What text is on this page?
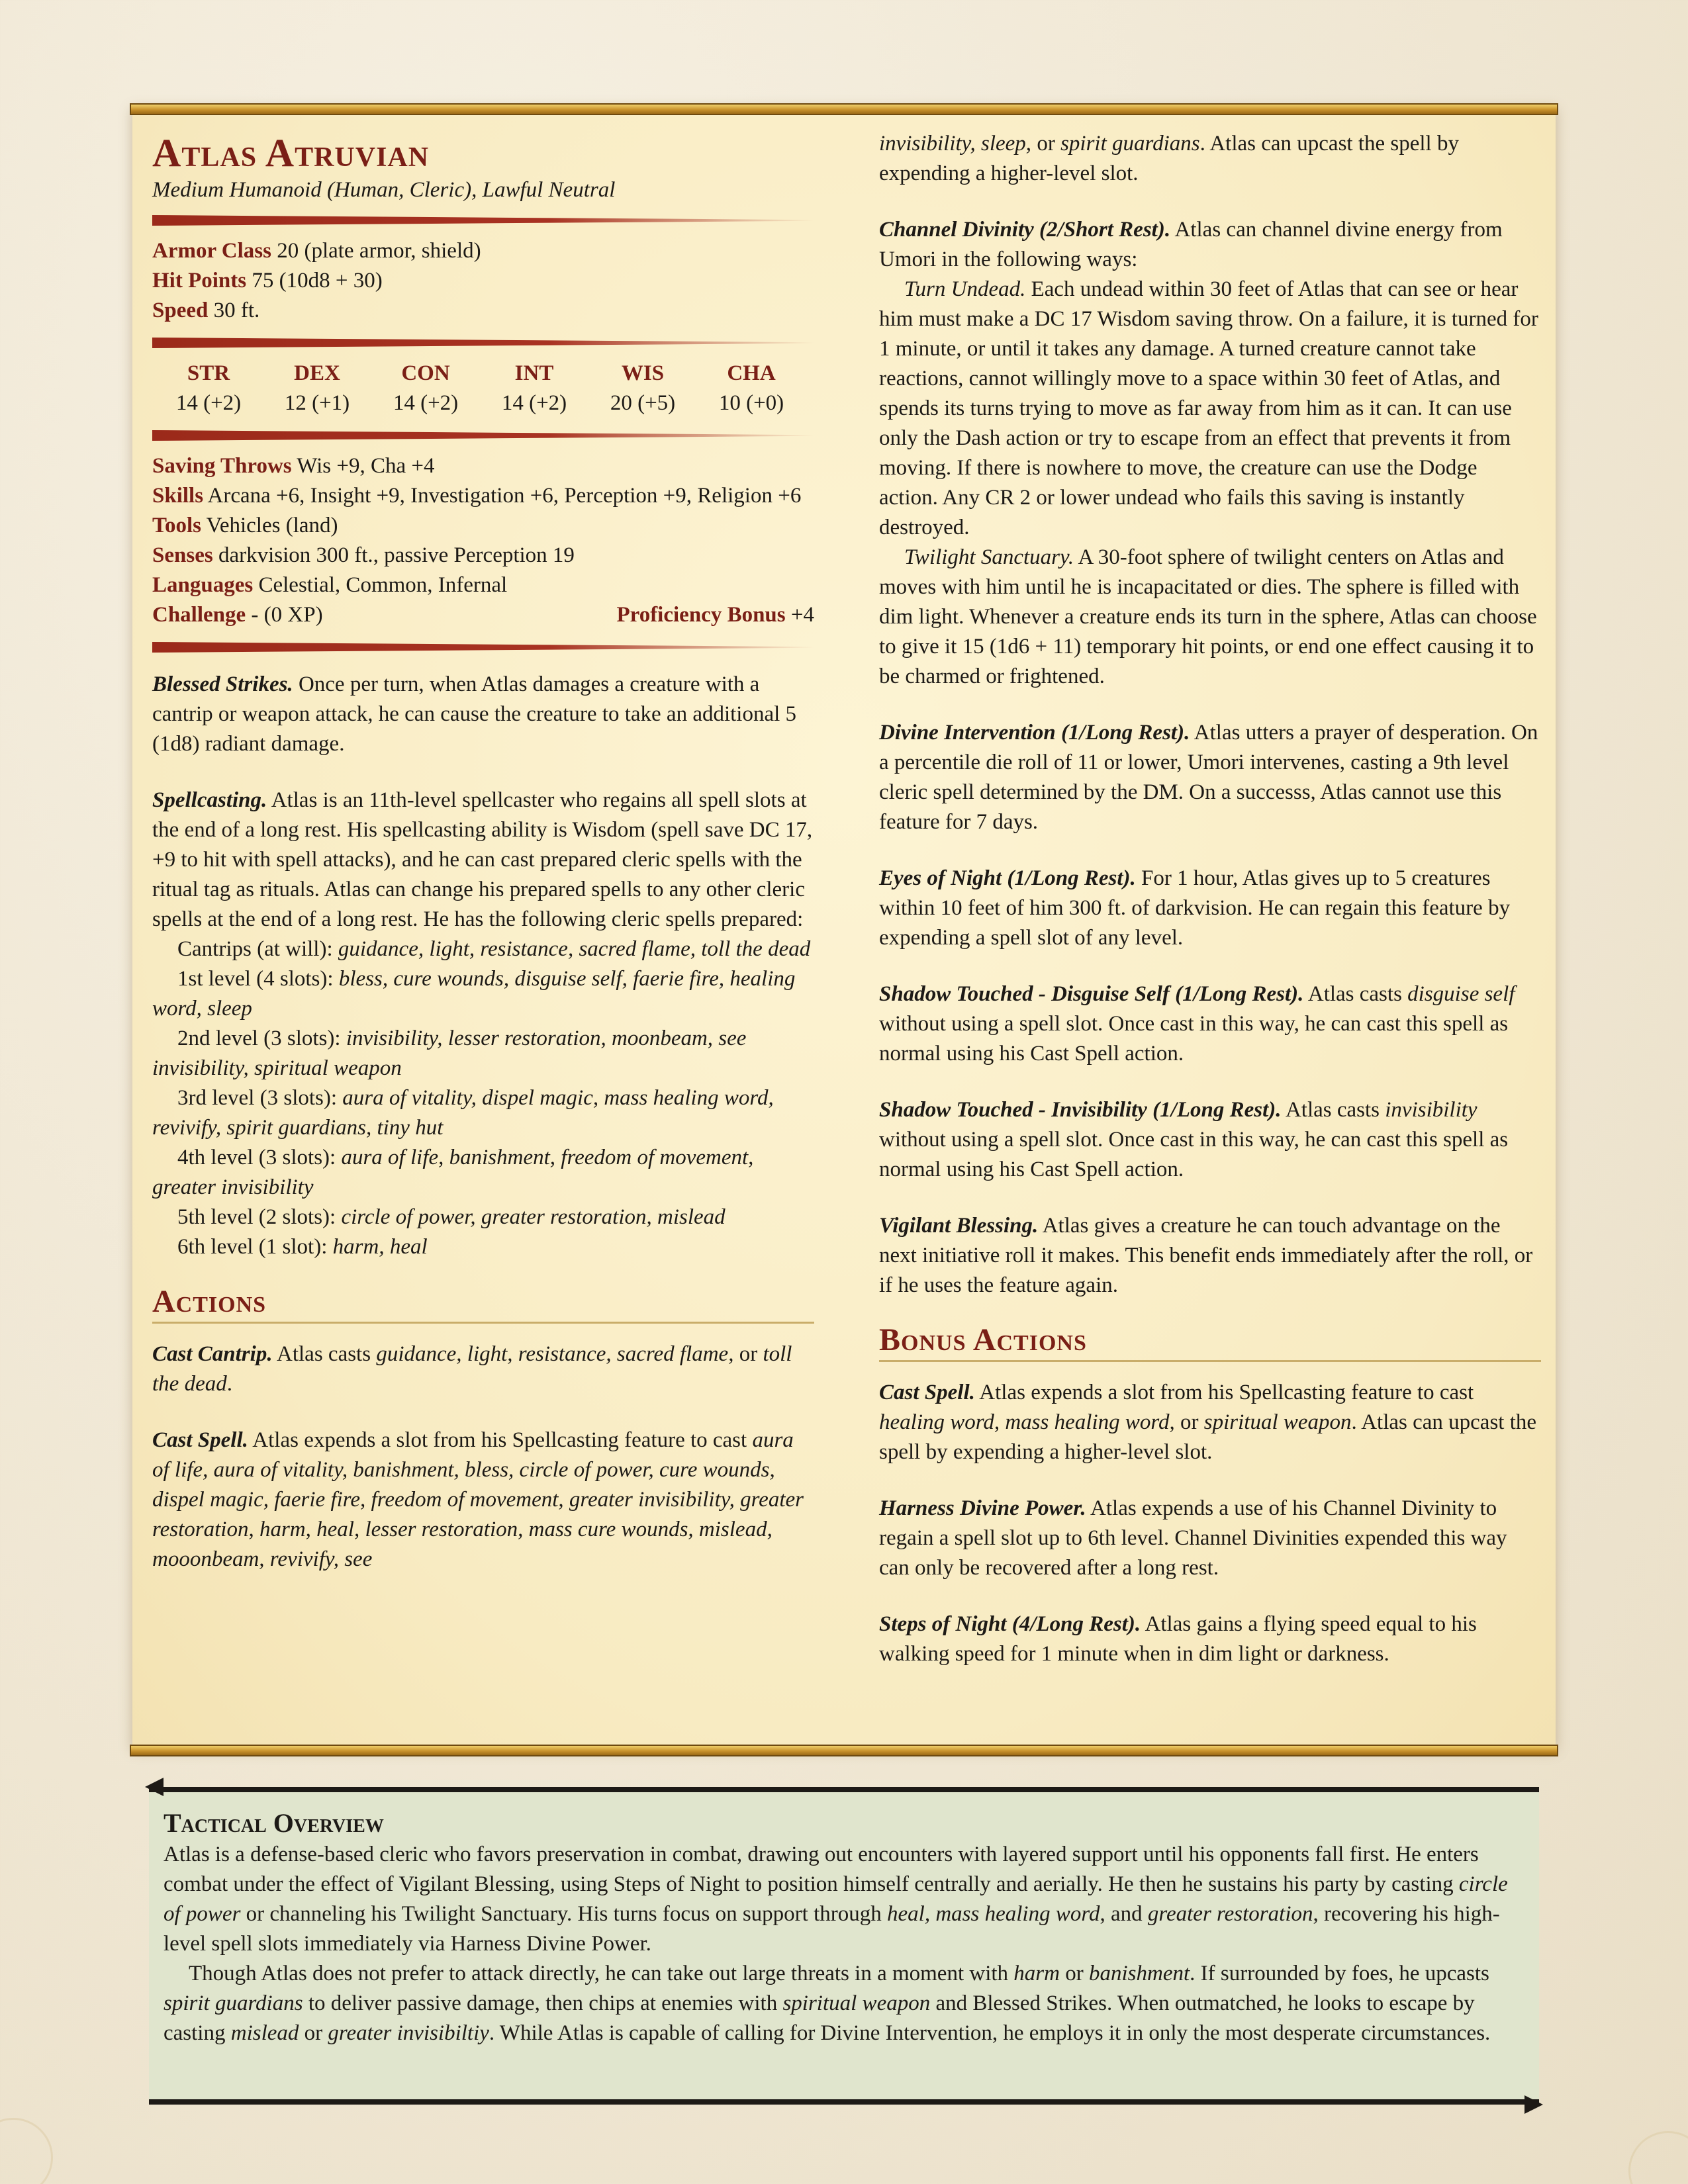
Atlas Atruvian
Medium Humanoid (Human, Cleric), Lawful Neutral
Armor Class 20 (plate armor, shield)
Hit Points 75 (10d8 + 30)
Speed 30 ft.
STR
14 (+2)
DEX
12 (+1)
CON
14 (+2)
INT
14 (+2)
WIS
20 (+5)
CHA
10 (+0)
Saving Throws Wis +9, Cha +4
Skills Arcana +6, Insight +9, Investigation +6, Perception +9, Religion +6
Tools Vehicles (land)
Senses darkvision 300 ft., passive Perception 19
Languages Celestial, Common, Infernal
Challenge - (0 XP)	Proficiency Bonus +4
Blessed Strikes. Once per turn, when Atlas damages a creature with a cantrip or weapon attack, he can cause the creature to take an additional 5 (1d8) radiant damage.
Spellcasting. Atlas is an 11th-level spellcaster who regains all spell slots at the end of a long rest. His spellcasting ability is Wisdom (spell save DC 17, +9 to hit with spell attacks), and he can cast prepared cleric spells with the ritual tag as rituals. Atlas can change his prepared spells to any other cleric spells at the end of a long rest. He has the following cleric spells prepared:
Cantrips (at will): guidance, light, resistance, sacred flame, toll the dead
1st level (4 slots): bless, cure wounds, disguise self, faerie fire, healing word, sleep
2nd level (3 slots): invisibility, lesser restoration, moonbeam, see invisibility, spiritual weapon
3rd level (3 slots): aura of vitality, dispel magic, mass healing word, revivify, spirit guardians, tiny hut
4th level (3 slots): aura of life, banishment, freedom of movement, greater invisibility
5th level (2 slots): circle of power, greater restoration, mislead
6th level (1 slot): harm, heal
Actions
Cast Cantrip. Atlas casts guidance, light, resistance, sacred flame, or toll the dead.
Cast Spell. Atlas expends a slot from his Spellcasting feature to cast aura of life, aura of vitality, banishment, bless, circle of power, cure wounds, dispel magic, faerie fire, freedom of movement, greater invisibility, greater restoration, harm, heal, lesser restoration, mass cure wounds, mislead, mooonbeam, revivify, see
invisibility, sleep, or spirit guardians. Atlas can upcast the spell by expending a higher-level slot.
Channel Divinity (2/Short Rest). Atlas can channel divine energy from Umori in the following ways:
Turn Undead. Each undead within 30 feet of Atlas that can see or hear him must make a DC 17 Wisdom saving throw. On a failure, it is turned for 1 minute, or until it takes any damage. A turned creature cannot take reactions, cannot willingly move to a space within 30 feet of Atlas, and spends its turns trying to move as far away from him as it can. It can use only the Dash action or try to escape from an effect that prevents it from moving. If there is nowhere to move, the creature can use the Dodge action. Any CR 2 or lower undead who fails this saving is instantly destroyed.
Twilight Sanctuary. A 30-foot sphere of twilight centers on Atlas and moves with him until he is incapacitated or dies. The sphere is filled with dim light. Whenever a creature ends its turn in the sphere, Atlas can choose to give it 15 (1d6 + 11) temporary hit points, or end one effect causing it to be charmed or frightened.
Divine Intervention (1/Long Rest). Atlas utters a prayer of desperation. On a percentile die roll of 11 or lower, Umori intervenes, casting a 9th level cleric spell determined by the DM. On a successs, Atlas cannot use this feature for 7 days.
Eyes of Night (1/Long Rest). For 1 hour, Atlas gives up to 5 creatures within 10 feet of him 300 ft. of darkvision. He can regain this feature by expending a spell slot of any level.
Shadow Touched - Disguise Self (1/Long Rest). Atlas casts disguise self without using a spell slot. Once cast in this way, he can cast this spell as normal using his Cast Spell action.
Shadow Touched - Invisibility (1/Long Rest). Atlas casts invisibility without using a spell slot. Once cast in this way, he can cast this spell as normal using his Cast Spell action.
Vigilant Blessing. Atlas gives a creature he can touch advantage on the next initiative roll it makes. This benefit ends immediately after the roll, or if he uses the feature again.
Bonus Actions
Cast Spell. Atlas expends a slot from his Spellcasting feature to cast healing word, mass healing word, or spiritual weapon. Atlas can upcast the spell by expending a higher-level slot.
Harness Divine Power. Atlas expends a use of his Channel Divinity to regain a spell slot up to 6th level. Channel Divinities expended this way can only be recovered after a long rest.
Steps of Night (4/Long Rest). Atlas gains a flying speed equal to his walking speed for 1 minute when in dim light or darkness.
Tactical Overview
Atlas is a defense-based cleric who favors preservation in combat, drawing out encounters with layered support until his opponents fall first. He enters combat under the effect of Vigilant Blessing, using Steps of Night to position himself centrally and aerially. He then he sustains his party by casting circle of power or channeling his Twilight Sanctuary. His turns focus on support through heal, mass healing word, and greater restoration, recovering his high-level spell slots immediately via Harness Divine Power.
Though Atlas does not prefer to attack directly, he can take out large threats in a moment with harm or banishment. If surrounded by foes, he upcasts spirit guardians to deliver passive damage, then chips at enemies with spiritual weapon and Blessed Strikes. When outmatched, he looks to escape by casting mislead or greater invisibiltiy. While Atlas is capable of calling for Divine Intervention, he employs it in only the most desperate circumstances.
